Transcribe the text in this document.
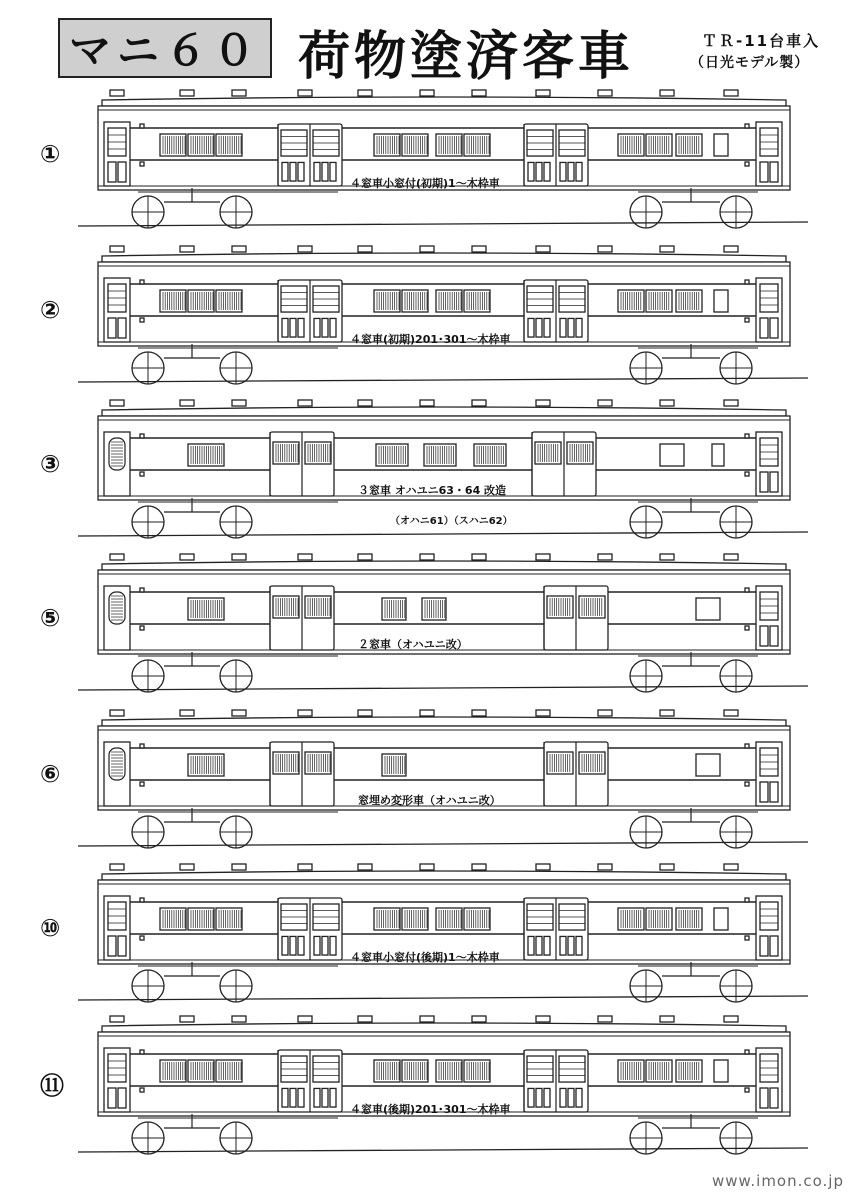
マニ６０ 荷物塗済客車	ＴＲ-11台車入
（日光モデル製）
①
４窓車小窓付(初期)1〜木枠車
②
４窓車(初期)201･301〜木枠車
③
３窓車 オハユニ63・64 改造
（オハニ61）（スハニ62）
⑤
２窓車（オハユニ改）
⑥
窓埋め変形車（オハユニ改）
⑩
４窓車小窓付(後期)1〜木枠車
⑪
４窓車(後期)201･301〜木枠車
www.imon.co.jp
